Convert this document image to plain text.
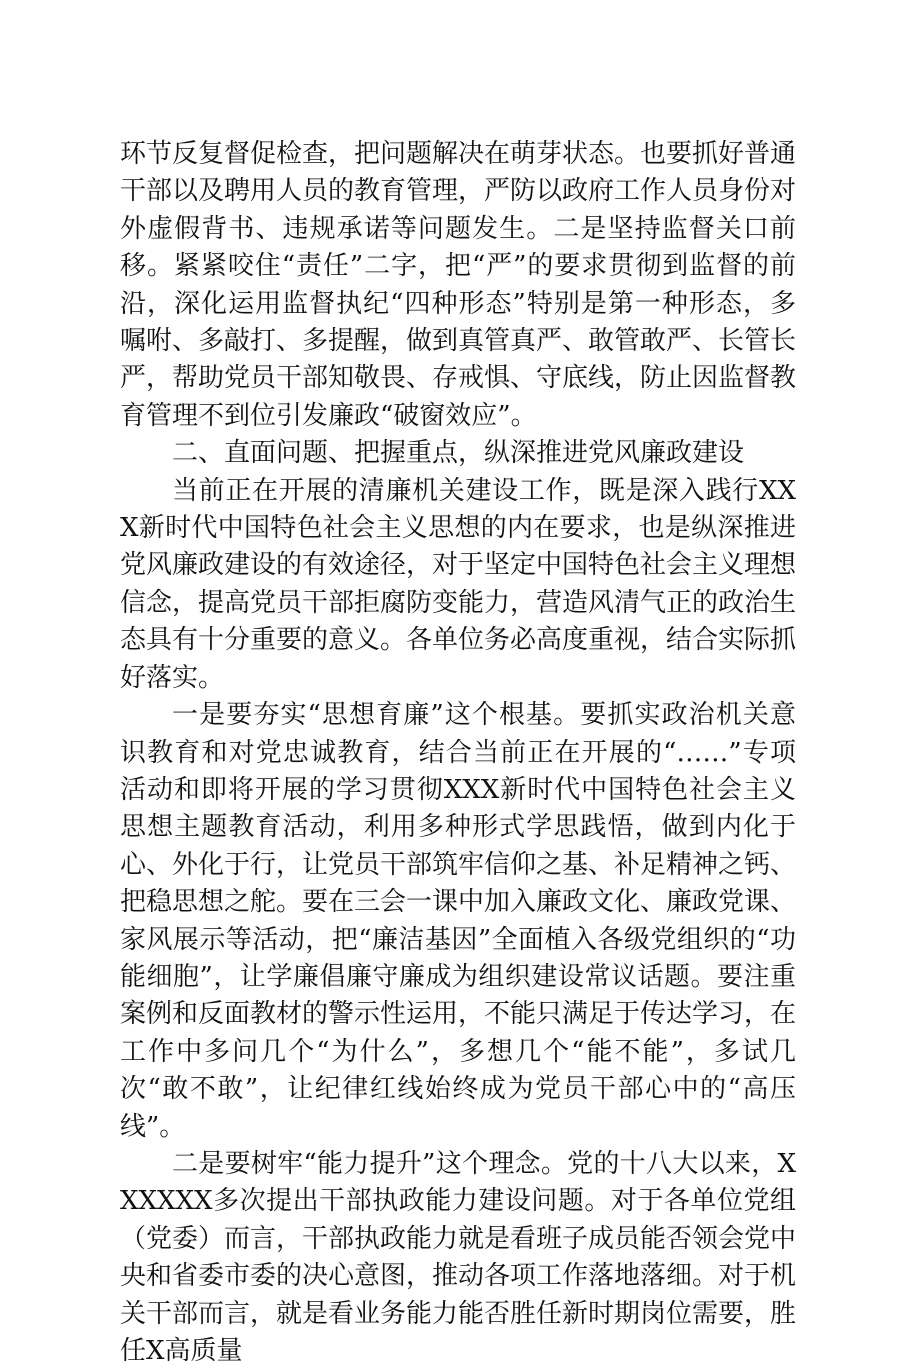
环节反复督促检查，把问题解决在萌芽状态。也要抓好普通干部以及聘用人员的教育管理，严防以政府工作人员身份对外虚假背书、违规承诺等问题发生。二是坚持监督关口前移。紧紧咬住“责任”二字，把“严”的要求贯彻到监督的前沿，深化运用监督执纪“四种形态”特别是第一种形态，多嘱咐、多敲打、多提醒，做到真管真严、敢管敢严、长管长严，帮助党员干部知敬畏、存戒惧、守底线，防止因监督教育管理不到位引发廉政“破窗效应”。

二、直面问题、把握重点，纵深推进党风廉政建设

当前正在开展的清廉机关建设工作，既是深入践行XXX新时代中国特色社会主义思想的内在要求，也是纵深推进党风廉政建设的有效途径，对于坚定中国特色社会主义理想信念，提高党员干部拒腐防变能力，营造风清气正的政治生态具有十分重要的意义。各单位务必高度重视，结合实际抓好落实。

一是要夯实“思想育廉”这个根基。要抓实政治机关意识教育和对党忠诚教育，结合当前正在开展的“……”专项活动和即将开展的学习贯彻XXX新时代中国特色社会主义思想主题教育活动，利用多种形式学思践悟，做到内化于心、外化于行，让党员干部筑牢信仰之基、补足精神之钙、把稳思想之舵。要在三会一课中加入廉政文化、廉政党课、家风展示等活动，把“廉洁基因”全面植入各级党组织的“功能细胞”，让学廉倡廉守廉成为组织建设常议话题。要注重案例和反面教材的警示性运用，不能只满足于传达学习，在工作中多问几个“为什么”，多想几个“能不能”，多试几次“敢不敢”，让纪律红线始终成为党员干部心中的“高压线”。

二是要树牢“能力提升”这个理念。党的十八大以来，XXXXXX多次提出干部执政能力建设问题。对于各单位党组（党委）而言，干部执政能力就是看班子成员能否领会党中央和省委市委的决心意图，推动各项工作落地落细。对于机关干部而言，就是看业务能力能否胜任新时期岗位需要，胜任X高质量
